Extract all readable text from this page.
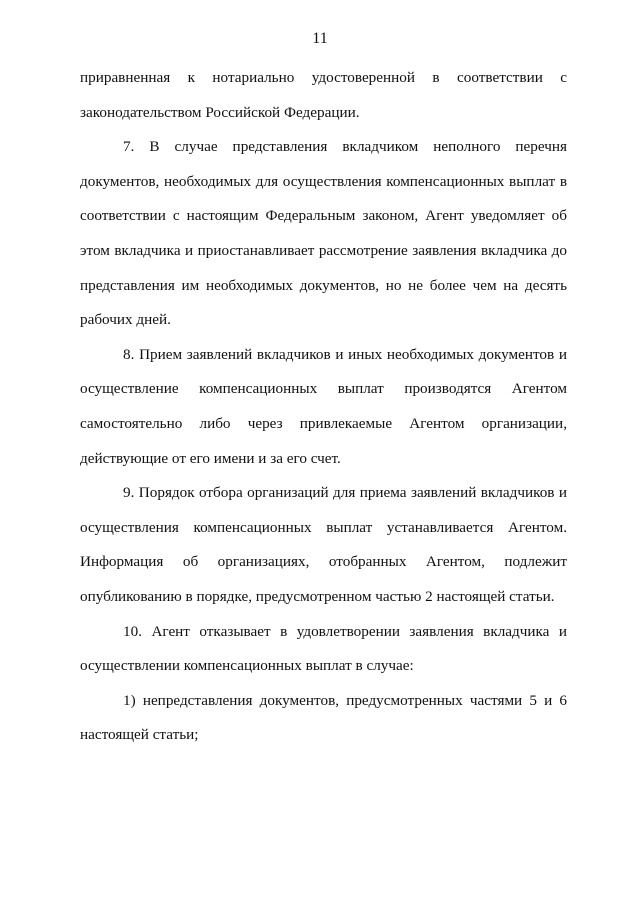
11

приравненная к нотариально удостоверенной в соответствии с законодательством Российской Федерации.

7. В случае представления вкладчиком неполного перечня документов, необходимых для осуществления компенсационных выплат в соответствии с настоящим Федеральным законом, Агент уведомляет об этом вкладчика и приостанавливает рассмотрение заявления вкладчика до представления им необходимых документов, но не более чем на десять рабочих дней.

8. Прием заявлений вкладчиков и иных необходимых документов и осуществление компенсационных выплат производятся Агентом самостоятельно либо через привлекаемые Агентом организации, действующие от его имени и за его счет.

9. Порядок отбора организаций для приема заявлений вкладчиков и осуществления компенсационных выплат устанавливается Агентом. Информация об организациях, отобранных Агентом, подлежит опубликованию в порядке, предусмотренном частью 2 настоящей статьи.

10. Агент отказывает в удовлетворении заявления вкладчика и осуществлении компенсационных выплат в случае:

1) непредставления документов, предусмотренных частями 5 и 6 настоящей статьи;
